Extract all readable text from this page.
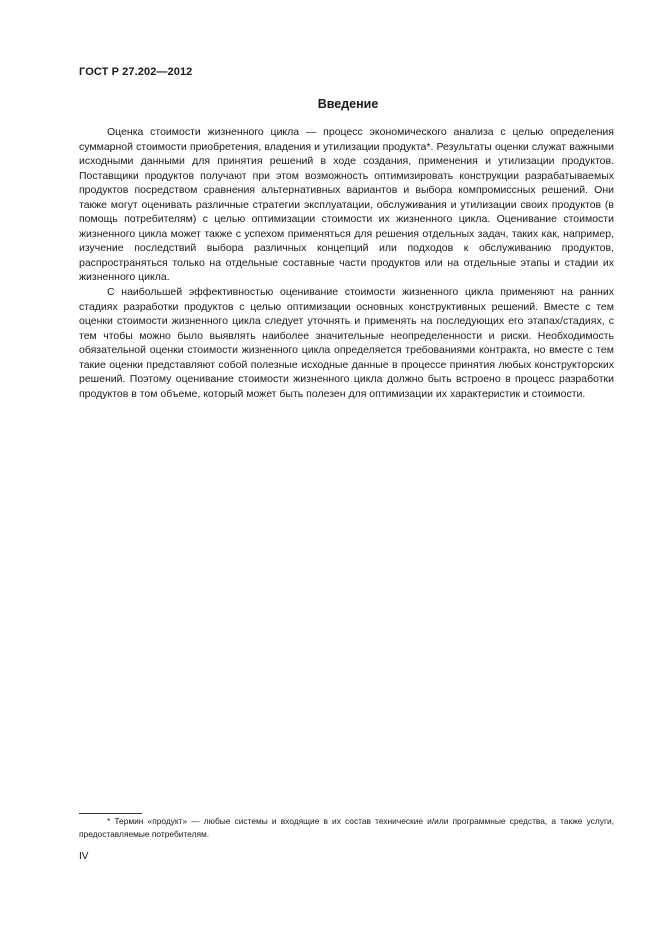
ГОСТ Р 27.202—2012
Введение

Оценка стоимости жизненного цикла — процесс экономического анализа с целью определения суммарной стоимости приобретения, владения и утилизации продукта*. Результаты оценки служат важными исходными данными для принятия решений в ходе создания, применения и утилизации продуктов. Поставщики продуктов получают при этом возможность оптимизировать конструкции разрабатываемых продуктов посредством сравнения альтернативных вариантов и выбора компромиссных решений. Они также могут оценивать различные стратегии эксплуатации, обслуживания и утилизации своих продуктов (в помощь потребителям) с целью оптимизации стоимости их жизненного цикла. Оценивание стоимости жизненного цикла может также с успехом применяться для решения отдельных задач, таких как, например, изучение последствий выбора различных концепций или подходов к обслуживанию продуктов, распространяться только на отдельные составные части продуктов или на отдельные этапы и стадии их жизненного цикла.

С наибольшей эффективностью оценивание стоимости жизненного цикла применяют на ранних стадиях разработки продуктов с целью оптимизации основных конструктивных решений. Вместе с тем оценки стоимости жизненного цикла следует уточнять и применять на последующих его этапах/стадиях, с тем чтобы можно было выявлять наиболее значительные неопределенности и риски. Необходимость обязательной оценки стоимости жизненного цикла определяется требованиями контракта, но вместе с тем такие оценки представляют собой полезные исходные данные в процессе принятия любых конструкторских решений. Поэтому оценивание стоимости жизненного цикла должно быть встроено в процесс разработки продуктов в том объеме, который может быть полезен для оптимизации их характеристик и стоимости.

* Термин «продукт» — любые системы и входящие в их состав технические и/или программные средства, а также услуги, предоставляемые потребителям.

IV
